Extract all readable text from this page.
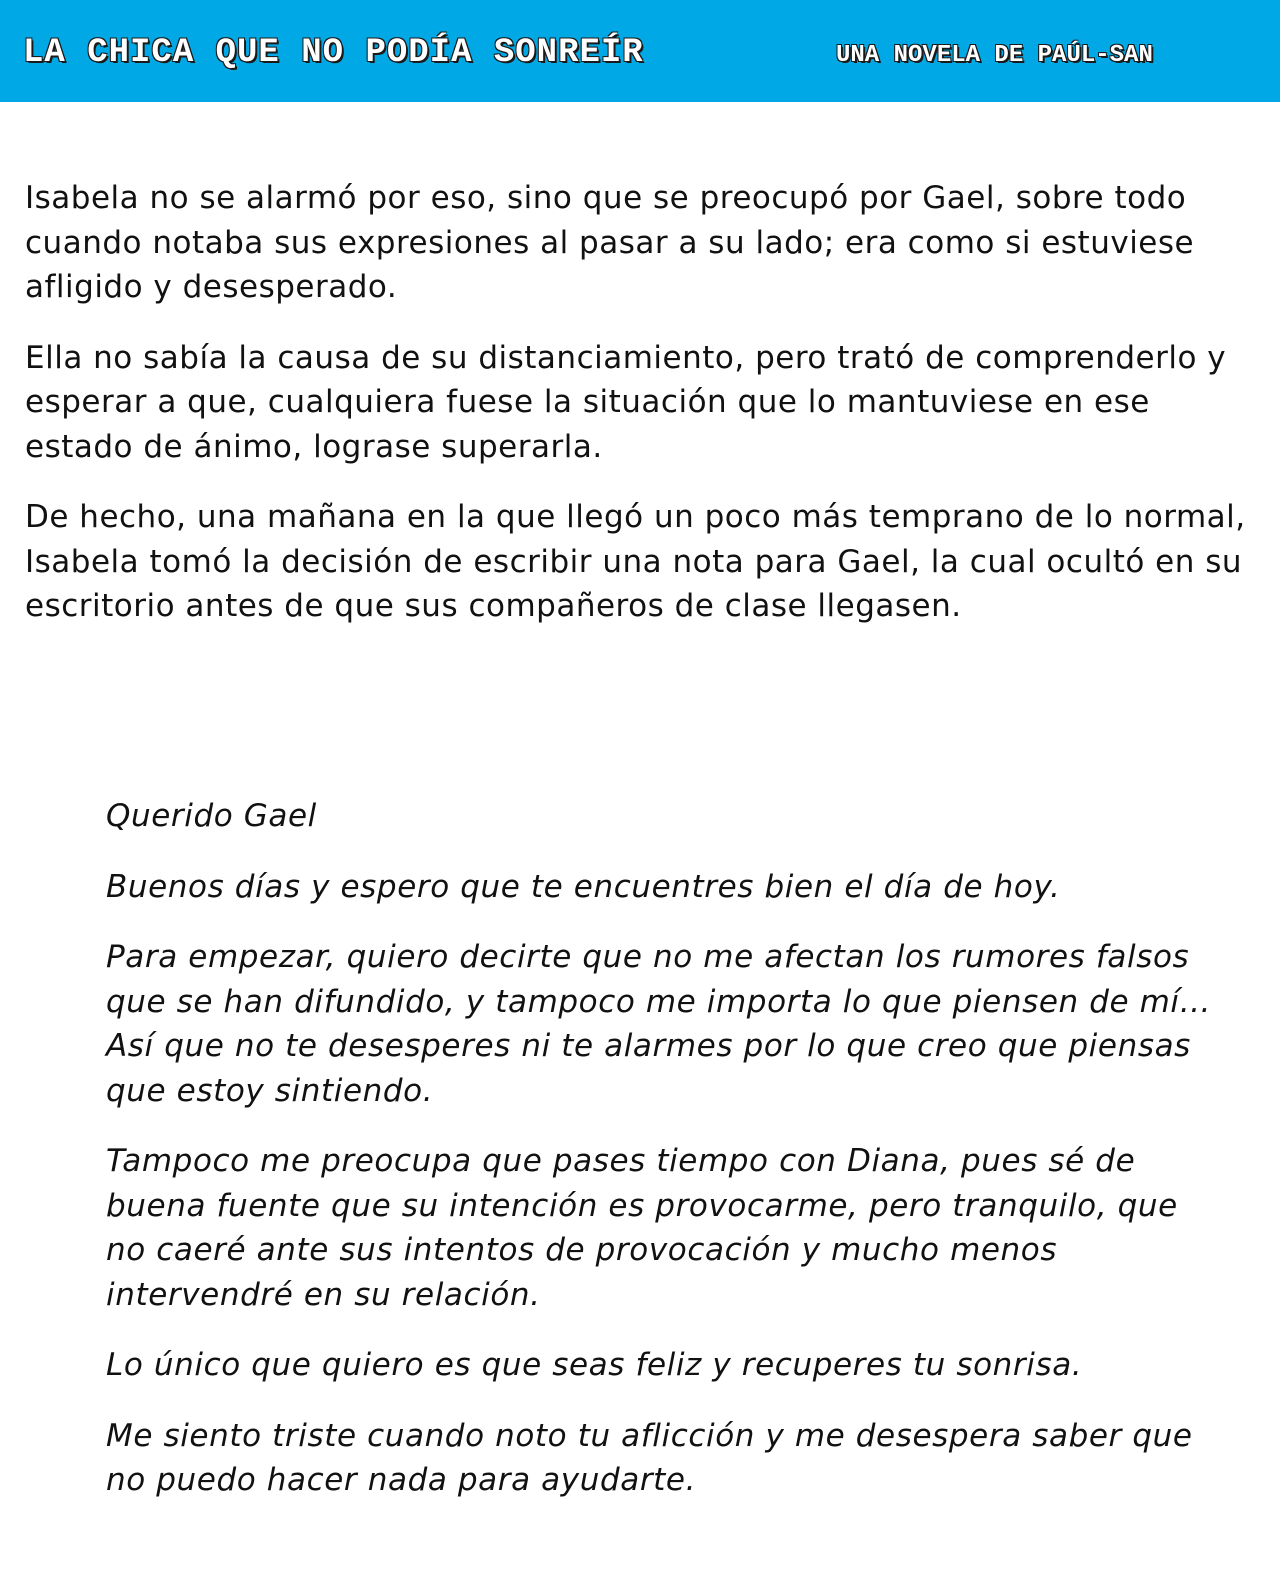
LA CHICA QUE NO PODÍA SONREÍR	UNA NOVELA DE PAÚL-SAN

Isabela no se alarmó por eso, sino que se preocupó por Gael, sobre todo cuando notaba sus expresiones al pasar a su lado; era como si estuviese afligido y desesperado.

Ella no sabía la causa de su distanciamiento, pero trató de comprenderlo y esperar a que, cualquiera fuese la situación que lo mantuviese en ese estado de ánimo, lograse superarla.

De hecho, una mañana en la que llegó un poco más temprano de lo normal, Isabela tomó la decisión de escribir una nota para Gael, la cual ocultó en su escritorio antes de que sus compañeros de clase llegasen.

Querido Gael

Buenos días y espero que te encuentres bien el día de hoy.

Para empezar, quiero decirte que no me afectan los rumores falsos que se han difundido, y tampoco me importa lo que piensen de mí… Así que no te desesperes ni te alarmes por lo que creo que piensas que estoy sintiendo.

Tampoco me preocupa que pases tiempo con Diana, pues sé de buena fuente que su intención es provocarme, pero tranquilo, que no caeré ante sus intentos de provocación y mucho menos intervendré en su relación.

Lo único que quiero es que seas feliz y recuperes tu sonrisa.

Me siento triste cuando noto tu aflicción y me desespera saber que no puedo hacer nada para ayudarte.
